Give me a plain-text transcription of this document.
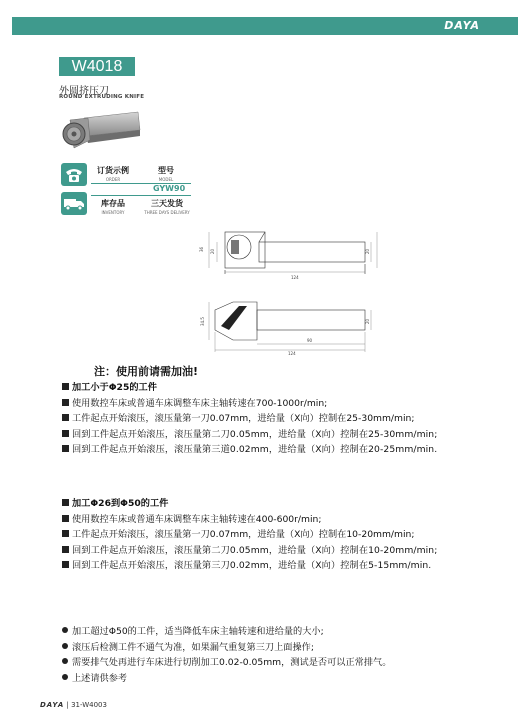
DAYA
W4018
外圆挤压刀
ROUND EXTRUDING KNIFE
订货示例
ORDER
型号
MODEL
GYW90
库存品
INVENTORY
三天发货
THREE DAYS DELIVERY
36 20	20
124
34.5	20
90
124
注：使用前请需加油!
加工小于Φ25的工件
使用数控车床或普通车床调整车床主轴转速在700-1000r/min;
工件起点开始滚压，滚压量第一刀0.07mm，进给量（X向）控制在25-30mm/min;
回到工件起点开始滚压，滚压量第二刀0.05mm，进给量（X向）控制在25-30mm/min;
回到工件起点开始滚压，滚压量第三道0.02mm，进给量（X向）控制在20-25mm/min.
加工Φ26到Φ50的工件
使用数控车床或普通车床调整车床主轴转速在400-600r/min;
工件起点开始滚压，滚压量第一刀0.07mm，进给量（X向）控制在10-20mm/min;
回到工件起点开始滚压，滚压量第二刀0.05mm，进给量（X向）控制在10-20mm/min;
回到工件起点开始滚压，滚压量第三刀0.02mm，进给量（X向）控制在5-15mm/min.
加工超过Φ50的工件，适当降低车床主轴转速和进给量的大小;
滚压后检测工件不通气为准，如果漏气重复第三刀上面操作;
需要排气处再进行车床进行切削加工0.02-0.05mm，测试是否可以正常排气。
上述请供参考
DAYA | 31-W4003
